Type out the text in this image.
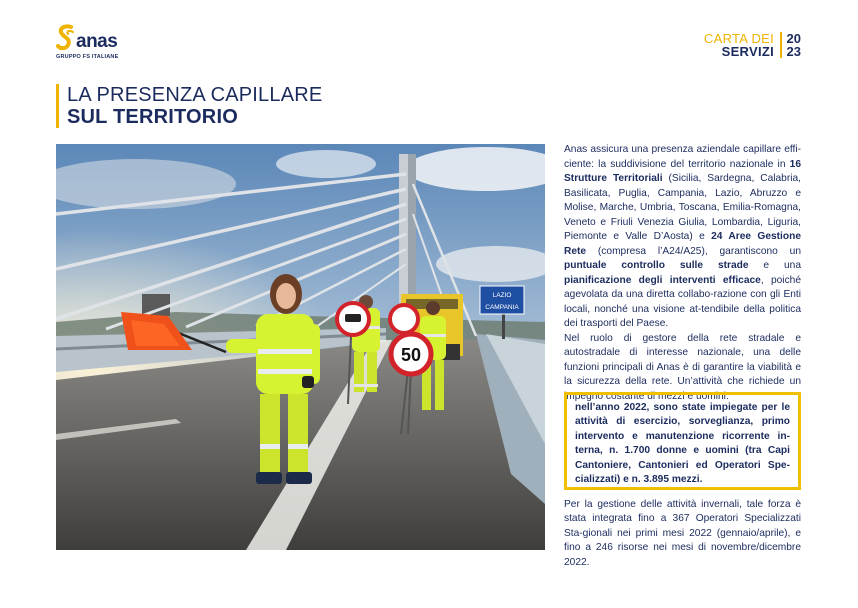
anas
GRUPPO FS ITALIANE
CARTA DEI
SERVIZI
20
23
LA PRESENZA CAPILLARE
SUL TERRITORIO
LAZIO
CAMPANIA
50

Anas assicura una presenza aziendale capillare effi-ciente: la suddivisione del territorio nazionale in 16 Strutture Territoriali (Sicilia, Sardegna, Calabria, Basilicata, Puglia, Campania, Lazio, Abruzzo e Molise, Marche, Umbria, Toscana, Emilia-Romagna, Veneto e Friuli Venezia Giulia, Lombardia, Liguria, Piemonte e Valle D’Aosta) e 24 Aree Gestione Rete (compresa l’A24/A25), garantiscono un puntuale controllo sulle strade e una pianificazione degli interventi efficace, poiché agevolata da una diretta collabo-razione con gli Enti locali, nonché una visione at-tendibile della politica dei trasporti del Paese.

Nel ruolo di gestore della rete stradale e autostradale di interesse nazionale, una delle funzioni principali di Anas è di garantire la viabilità e la sicurezza della rete. Un’attività che richiede un impegno costante di mezzi e uomini:

nell’anno 2022, sono state impiegate per le attività di esercizio, sorveglianza, primo intervento e manutenzione ricorrente in-terna, n. 1.700 donne e uomini (tra Capi Cantoniere, Cantonieri ed Operatori Spe-cializzati) e n. 3.895 mezzi.
Per la gestione delle attività invernali, tale forza è stata integrata fino a 367 Operatori Specializzati Sta-gionali nei primi mesi 2022 (gennaio/aprile), e fino a 246 risorse nei mesi di novembre/dicembre 2022.
